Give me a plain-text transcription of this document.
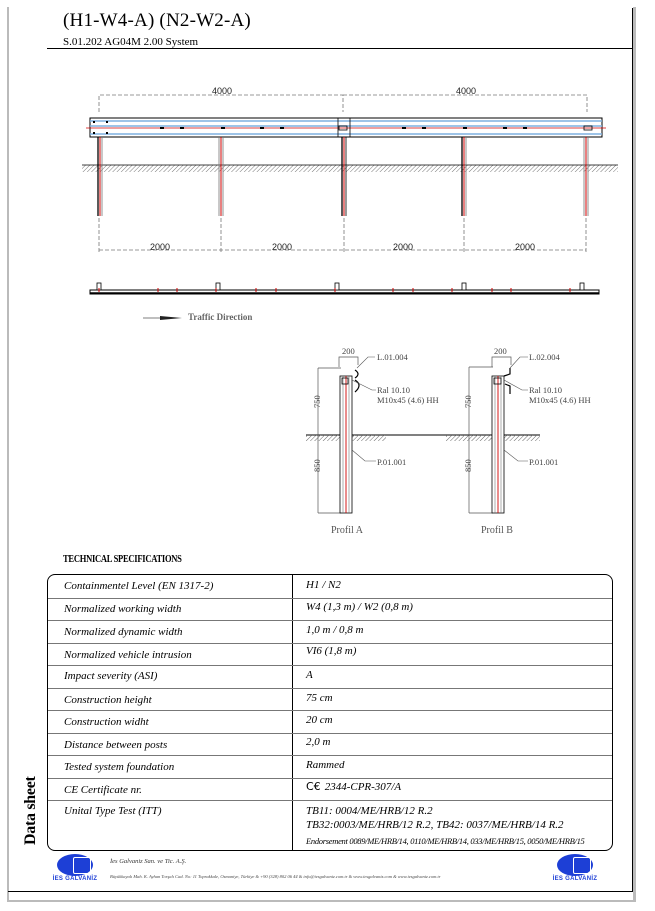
(H1-W4-A) (N2-W2-A)
S.01.202 AG04M 2.00 System
4000	4000
2000	2000	2000	2000
Traffic Direction
200
L.01.004
Ral 10.10
M10x45 (4.6) HH
P.01.001
750
850
200
L.02.004
Ral 10.10
M10x45 (4.6) HH
P.01.001
750
850
Profil A	Profil B
TECHNICAL SPECIFICATIONS
Containmentel Level (EN 1317-2)	H1 / N2
Normalized working width	W4 (1,3 m) / W2 (0,8 m)
Normalized dynamic width	1,0 m / 0,8 m
Normalized vehicle intrusion	VI6 (1,8 m)
Impact severity (ASI)	A
Construction height	75 cm
Construction widht	20 cm
Distance between posts	2,0 m
Tested system foundation	Rammed
CE Certificate nr.	C€ 2344-CPR-307/A
Unital Type Test (ITT)	TB11: 0004/ME/HRB/12 R.2
TB32:0003/ME/HRB/12 R.2, TB42: 0037/ME/HRB/14 R.2
Endorsement 0089/ME/HRB/14, 0110/ME/HRB/14, 033/ME/HRB/15, 0050/ME/HRB/15
Data sheet
İES GALVANİZ
İes Galvaniz San. ve Tic. A.Ş.
Büyükkayalı Mah. K. Ayhan Torşalı Cad. No: 11 Toprakkale, Osmaniye, Türkiye & +90 (328) 802 06 44 & info@iesgalvaniz.com.tr & www.iesgalvaniz.com & www.iesgalvaniz.com.tr	İES GALVANİZ
